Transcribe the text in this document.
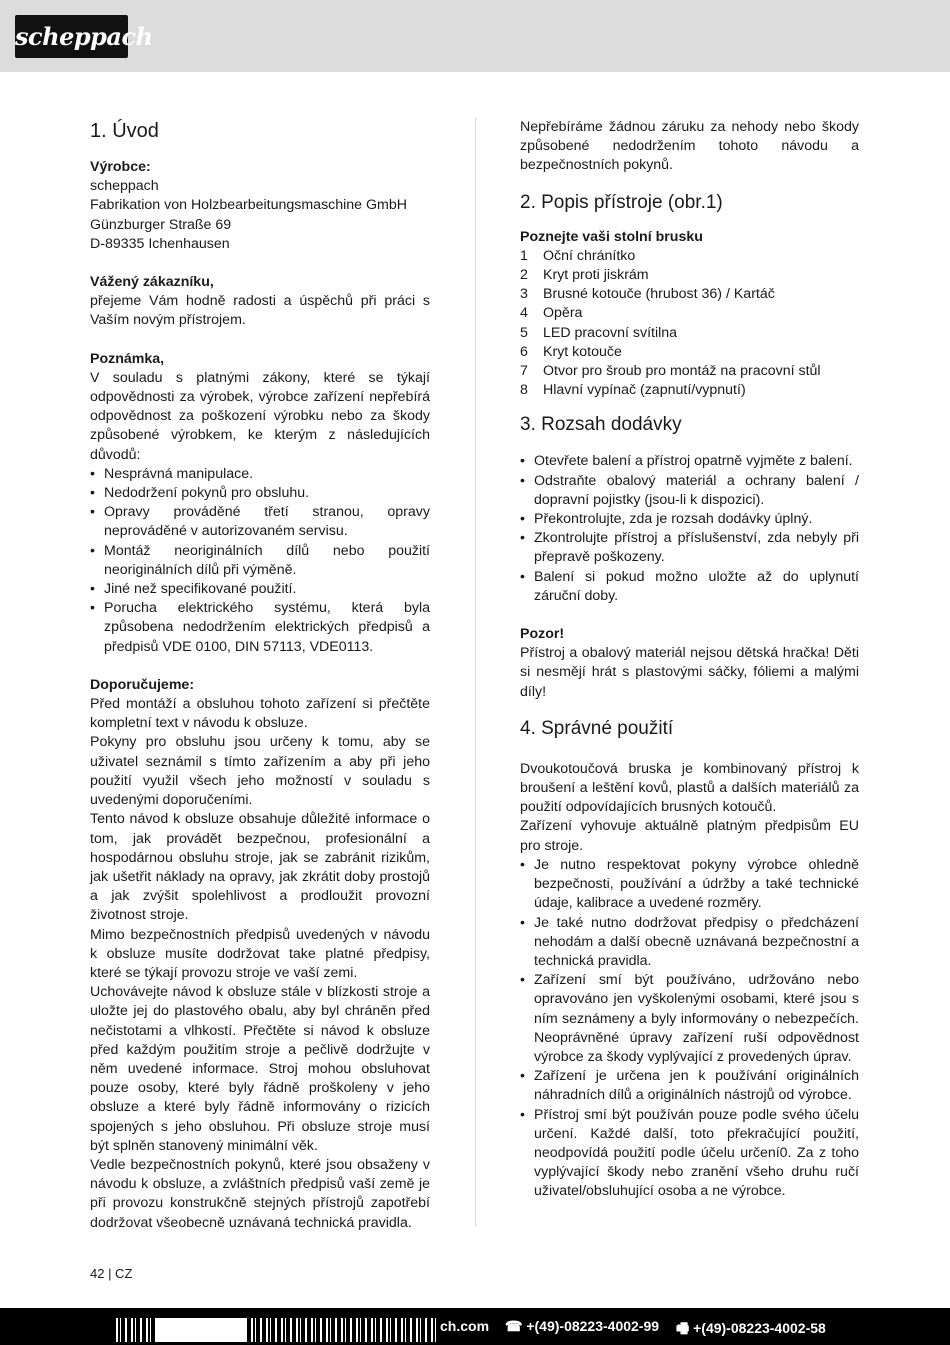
scheppach
1. Úvod

Výrobce:

scheppach

Fabrikation von Holzbearbeitungsmaschine GmbH

Günzburger Straße 69

D-89335 Ichenhausen

Vážený zákazníku,

přejeme Vám hodně radosti a úspěchů při práci s Vaším novým přístrojem.

Poznámka,

V souladu s platnými zákony, které se týkají odpovědnosti za výrobek, výrobce zařízení nepřebírá odpovědnost za poškození výrobku nebo za škody způsobené výrobkem, ke kterým z následujících důvodů:

• Nesprávná manipulace.
• Nedodržení pokynů pro obsluhu.
• Opravy prováděné třetí stranou, opravy neprováděné v autorizovaném servisu.
• Montáž neoriginálních dílů nebo použití neoriginálních dílů při výměně.
• Jiné než specifikované použití.
• Porucha elektrického systému, která byla způsobena nedodržením elektrických předpisů a předpisů VDE 0100, DIN 57113, VDE0113.

Doporučujeme:

Před montáží a obsluhou tohoto zařízení si přečtěte kompletní text v návodu k obsluze.

Pokyny pro obsluhu jsou určeny k tomu, aby se uživatel seznámil s tímto zařízením a aby při jeho použití využil všech jeho možností v souladu s uvedenými doporučeními.

Tento návod k obsluze obsahuje důležité informace o tom, jak provádět bezpečnou, profesionální a hospodárnou obsluhu stroje, jak se zabránit rizikům, jak ušetřit náklady na opravy, jak zkrátit doby prostojů a jak zvýšit spolehlivost a prodloužit provozní životnost stroje.

Mimo bezpečnostních předpisů uvedených v návodu k obsluze musíte dodržovat take platné předpisy, které se týkají provozu stroje ve vaší zemi.

Uchovávejte návod k obsluze stále v blízkosti stroje a uložte jej do plastového obalu, aby byl chráněn před nečistotami a vlhkostí. Přečtěte si návod k obsluze před každým použitím stroje a pečlivě dodržujte v něm uvedené informace. Stroj mohou obsluhovat pouze osoby, které byly řádně proškoleny v jeho obsluze a které byly řádně informovány o rizicích spojených s jeho obsluhou. Při obsluze stroje musí být splněn stanovený minimální věk.

Vedle bezpečnostních pokynů, které jsou obsaženy v návodu k obsluze, a zvláštních předpisů vaší země je při provozu konstrukčně stejných přístrojů zapotřebí dodržovat všeobecně uznávaná technická pravidla.

Nepřebíráme žádnou záruku za nehody nebo škody způsobené nedodržením tohoto návodu a bezpečnostních pokynů.

2. Popis přístroje (obr.1)

Poznejte vaši stolní brusku

1	Oční chránítko
2	Kryt proti jiskrám
3	Brusné kotouče (hrubost 36) / Kartáč
4	Opěra
5	LED pracovní svítilna
6	Kryt kotouče
7	Otvor pro šroub pro montáž na pracovní stůl
8	Hlavní vypínač (zapnutí/vypnutí)
3. Rozsah dodávky
• Otevřete balení a přístroj opatrně vyjměte z balení.
• Odstraňte obalový materiál a ochrany balení / dopravní pojistky (jsou-li k dispozici).
• Překontrolujte, zda je rozsah dodávky úplný.
• Zkontrolujte přístroj a příslušenství, zda nebyly při přepravě poškozeny.
• Balení si pokud možno uložte až do uplynutí záruční doby.

Pozor!

Přístroj a obalový materiál nejsou dětská hračka! Děti si nesmějí hrát s plastovými sáčky, fóliemi a malými díly!

4. Správné použití

Dvoukotoučová bruska je kombinovaný přístroj k broušení a leštění kovů, plastů a dalších materiálů za použití odpovídajících brusných kotoučů.

Zařízení vyhovuje aktuálně platným předpisům EU pro stroje.

• Je nutno respektovat pokyny výrobce ohledně bezpečnosti, používání a údržby a také technické údaje, kalibrace a uvedené rozměry.
• Je také nutno dodržovat předpisy o předcházení nehodám a další obecně uznávaná bezpečnostní a technická pravidla.
• Zařízení smí být používáno, udržováno nebo opravováno jen vyškolenými osobami, které jsou s ním seznámeny a byly informovány o nebezpečích. Neoprávněné úpravy zařízení ruší odpovědnost výrobce za škody vyplývající z provedených úprav.
• Zařízení je určena jen k používání originálních náhradních dílů a originálních nástrojů od výrobce.
• Přístroj smí být používán pouze podle svého účelu určení. Každé další, toto překračující použití, neodpovídá použití podle účelu určení0. Za z toho vyplývající škody nebo zranění všeho druhu ručí uživatel/obsluhující osoba a ne výrobce.
42 | CZ
ch.com ☎ +(49)-08223-4002-99 🖷 +(49)-08223-4002-58
